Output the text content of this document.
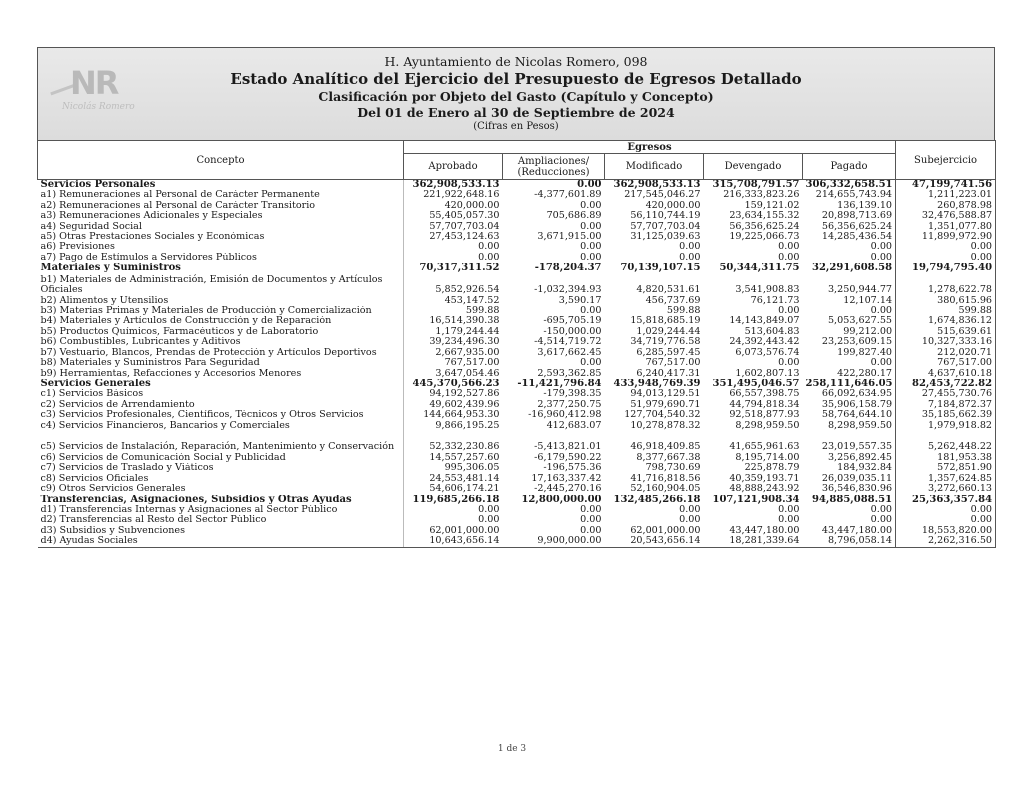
NR
Nicolás Romero
H. Ayuntamiento de Nicolas Romero, 098
Estado Analítico del Ejercicio del Presupuesto de Egresos Detallado
Clasificación por Objeto del Gasto (Capítulo y Concepto)
Del 01 de Enero al 30 de Septiembre de 2024
(Cifras en Pesos)
Concepto	Egresos					Subejercicio
	Aprobado	Ampliaciones/ (Reducciones)	Modificado	Devengado	Pagado	
Servicios Personales	362,908,533.13	0.00	362,908,533.13	315,708,791.57	306,332,658.51	47,199,741.56
a1) Remuneraciones al Personal de Carácter Permanente	221,922,648.16	-4,377,601.89	217,545,046.27	216,333,823.26	214,655,743.94	1,211,223.01
a2) Remuneraciones al Personal de Carácter Transitorio	420,000.00	0.00	420,000.00	159,121.02	136,139.10	260,878.98
a3) Remuneraciones Adicionales y Especiales	55,405,057.30	705,686.89	56,110,744.19	23,634,155.32	20,898,713.69	32,476,588.87
a4) Seguridad Social	57,707,703.04	0.00	57,707,703.04	56,356,625.24	56,356,625.24	1,351,077.80
a5) Otras Prestaciones Sociales y Económicas	27,453,124.63	3,671,915.00	31,125,039.63	19,225,066.73	14,285,436.54	11,899,972.90
a6) Previsiones	0.00	0.00	0.00	0.00	0.00	0.00
a7) Pago de Estímulos a Servidores Públicos	0.00	0.00	0.00	0.00	0.00	0.00
Materiales y Suministros	70,317,311.52	-178,204.37	70,139,107.15	50,344,311.75	32,291,608.58	19,794,795.40
b1) Materiales de Administración, Emisión de Documentos y Artículos Oficiales	5,852,926.54	-1,032,394.93	4,820,531.61	3,541,908.83	3,250,944.77	1,278,622.78
b2) Alimentos y Utensilios	453,147.52	3,590.17	456,737.69	76,121.73	12,107.14	380,615.96
b3) Materias Primas y Materiales de Producción y Comercialización	599.88	0.00	599.88	0.00	0.00	599.88
b4) Materiales y Artículos de Construcción y de Reparación	16,514,390.38	-695,705.19	15,818,685.19	14,143,849.07	5,053,627.55	1,674,836.12
b5) Productos Químicos, Farmacéuticos y de Laboratorio	1,179,244.44	-150,000.00	1,029,244.44	513,604.83	99,212.00	515,639.61
b6) Combustibles, Lubricantes y Aditivos	39,234,496.30	-4,514,719.72	34,719,776.58	24,392,443.42	23,253,609.15	10,327,333.16
b7) Vestuario, Blancos, Prendas de Protección y Artículos Deportivos	2,667,935.00	3,617,662.45	6,285,597.45	6,073,576.74	199,827.40	212,020.71
b8) Materiales y Suministros Para Seguridad	767,517.00	0.00	767,517.00	0.00	0.00	767,517.00
b9) Herramientas, Refacciones y Accesorios Menores	3,647,054.46	2,593,362.85	6,240,417.31	1,602,807.13	422,280.17	4,637,610.18
Servicios Generales	445,370,566.23	-11,421,796.84	433,948,769.39	351,495,046.57	258,111,646.05	82,453,722.82
c1) Servicios Básicos	94,192,527.86	-179,398.35	94,013,129.51	66,557,398.75	66,092,634.95	27,455,730.76
c2) Servicios de Arrendamiento	49,602,439.96	2,377,250.75	51,979,690.71	44,794,818.34	35,906,158.79	7,184,872.37
c3) Servicios Profesionales, Científicos, Técnicos y Otros Servicios	144,664,953.30	-16,960,412.98	127,704,540.32	92,518,877.93	58,764,644.10	35,185,662.39
c4) Servicios Financieros, Bancarios y Comerciales	9,866,195.25	412,683.07	10,278,878.32	8,298,959.50	8,298,959.50	1,979,918.82
c5) Servicios de Instalación, Reparación, Mantenimiento y Conservación	52,332,230.86	-5,413,821.01	46,918,409.85	41,655,961.63	23,019,557.35	5,262,448.22
c6) Servicios de Comunicación Social y Publicidad	14,557,257.60	-6,179,590.22	8,377,667.38	8,195,714.00	3,256,892.45	181,953.38
c7) Servicios de Traslado y Viáticos	995,306.05	-196,575.36	798,730.69	225,878.79	184,932.84	572,851.90
c8) Servicios Oficiales	24,553,481.14	17,163,337.42	41,716,818.56	40,359,193.71	26,039,035.11	1,357,624.85
c9) Otros Servicios Generales	54,606,174.21	-2,445,270.16	52,160,904.05	48,888,243.92	36,546,830.96	3,272,660.13
Transferencias, Asignaciones, Subsidios y Otras Ayudas	119,685,266.18	12,800,000.00	132,485,266.18	107,121,908.34	94,885,088.51	25,363,357.84
d1) Transferencias Internas y Asignaciones al Sector Público	0.00	0.00	0.00	0.00	0.00	0.00
d2) Transferencias al Resto del Sector Público	0.00	0.00	0.00	0.00	0.00	0.00
d3) Subsidios y Subvenciones	62,001,000.00	0.00	62,001,000.00	43,447,180.00	43,447,180.00	18,553,820.00
d4) Ayudas Sociales	10,643,656.14	9,900,000.00	20,543,656.14	18,281,339.64	8,796,058.14	2,262,316.50
1 de 3
